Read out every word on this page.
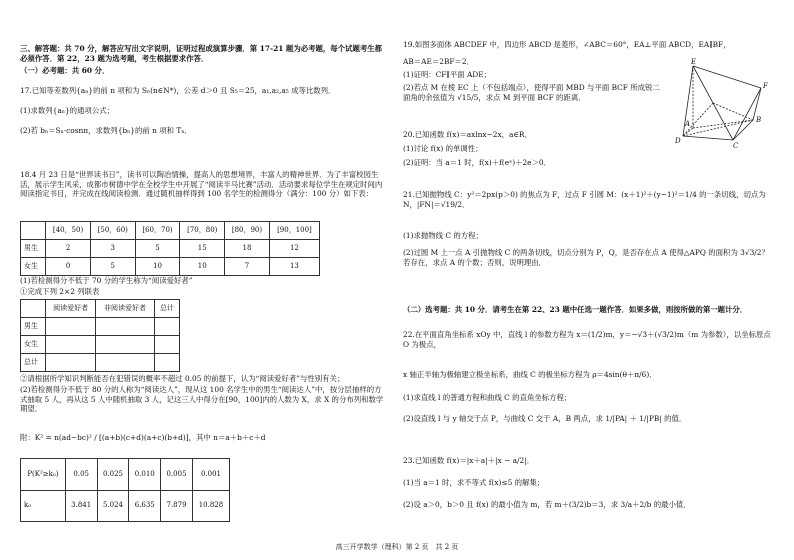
三、解答题：共 70 分，解答应写出文字说明，证明过程或演算步骤．第 17-21 题为必考题，每个试题考生都必须作答．第 22，23 题为选考题，考生根据要求作答．

（一）必考题：共 60 分．

17.已知等差数列{aₙ}的前 n 项和为 Sₙ(n∈N*)，公差 d＞0 且 S₅＝25，a₁,a₂,a₅ 成等比数列．

(1)求数列{aₙ}的通项公式；

(2)若 bₙ＝Sₙ·cosnπ，求数列{bₙ}的前 n 项和 Tₙ．

18.4 月 23 日是“世界读书日”，读书可以陶冶情操，提高人的思想境界，丰富人的精神世界．为了丰富校园生活，展示学生风采，成都市树德中学在全校学生中开展了“阅读半马比赛”活动．活动要求每位学生在规定时间内阅读指定书目，并完成在线阅读检测．通过随机抽样得到 100 名学生的检测得分（满分：100 分）如下表：

	[40，50)	[50，60)	[60，70)	[70，80)	[80，90)	[90，100]
男生	2	3	5	15	18	12
女生	0	5	10	10	7	13

(1)若检测得分不低于 70 分的学生称为“阅读爱好者”

①完成下列 2×2 列联表

	阅读爱好者	非阅读爱好者	总计
男生			
女生			
总计			

②请根据所学知识判断能否在犯错误的概率不超过 0.05 的前提下，认为“阅读爱好者”与性别有关；

(2)若检测得分不低于 80 分的人称为“阅读达人”，现从这 100 名学生中的男生“阅读达人”中，按分层抽样的方式抽取 5 人，再从这 5 人中随机抽取 3 人，记这三人中得分在[90，100]内的人数为 X，求 X 的分布列和数学期望．

附：K² = n(ad−bc)² / [(a+b)(c+d)(a+c)(b+d)]，其中 n＝a＋b＋c＋d

P(K²≥k₀)	0.05	0.025	0.010	0.005	0.001
k₀	3.841	5.024	6.635	7.879	10.828

19.如图多面体 ABCDEF 中，四边形 ABCD 是菱形，∠ABC＝60°，EA⊥平面 ABCD，EA∥BF，

AB＝AE＝2BF＝2．

(1)证明：CF∥平面 ADE；

(2)若点 M 在棱 EC 上（不包括端点），使得平面 MBD 与平面 BCF 所成锐二面角的余弦值为 √15/5，求点 M 到平面 BCF 的距离．

E
F
A	B
C
D

20.已知函数 f(x)＝axlnx−2x，a∈R．

(1)讨论 f(x) 的单调性；

(2)证明：当 a＝1 时，f(x)＋f(eˣ)＋2e＞0．

21.已知抛物线 C：y²＝2px(p＞0) 的焦点为 F，过点 F 引圆 M：(x＋1)²＋(y−1)²＝1/4 的一条切线，切点为 N，|FN|＝√19/2．

(1)求抛物线 C 的方程；

(2)过圆 M 上一点 A 引抛物线 C 的两条切线，切点分别为 P，Q，是否存在点 A 使得△APQ 的面积为 3√3/2？若存在，求点 A 的个数；否则，说明理由．

（二）选考题：共 10 分．请考生在第 22、23 题中任选一题作答．如果多做，则按所做的第一题计分．

22.在平面直角坐标系 xOy 中，直线 l 的参数方程为 x＝(1/2)m，y＝−√3＋(√3/2)m（m 为参数），以坐标原点 O 为极点，

x 轴正半轴为极轴建立极坐标系，曲线 C 的极坐标方程为 ρ＝4sin(θ＋π/6)．

(1)求直线 l 的普通方程和曲线 C 的直角坐标方程；

(2)设直线 l 与 y 轴交于点 P，与曲线 C 交于 A，B 两点，求 1/|PA| ＋ 1/|PB| 的值．

23.已知函数 f(x)＝|x＋a|＋|x − a/2|．

(1)当 a＝1 时，求不等式 f(x)≤5 的解集；

(2)设 a＞0，b＞0 且 f(x) 的最小值为 m，若 m＋(3/2)b＝3，求 3/a＋2/b 的最小值．

高三开学数学（理科）第 2 页　共 2 页
